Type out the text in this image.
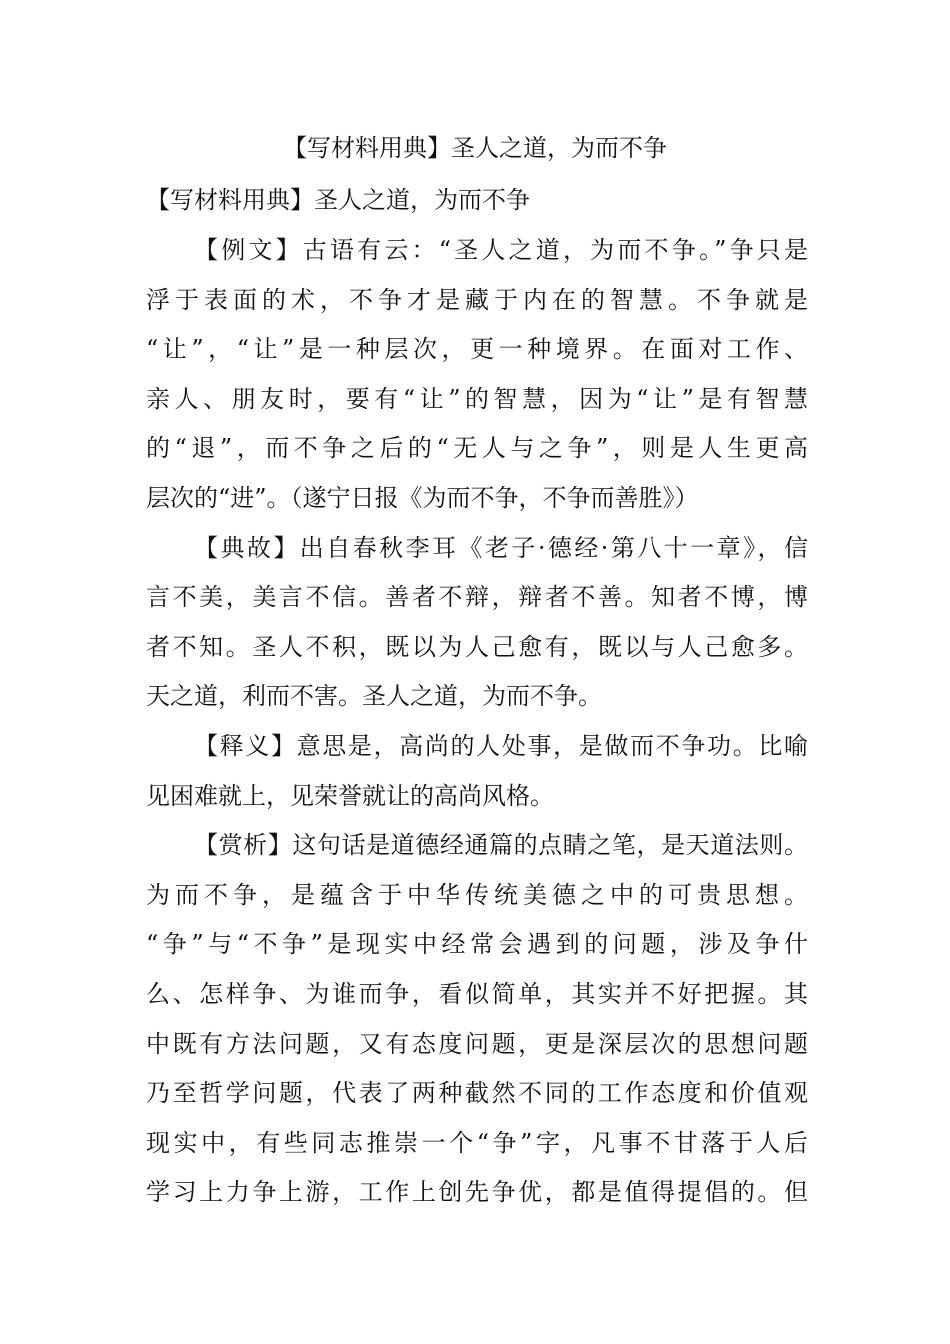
【写材料用典】圣人之道，为而不争
【写材料用典】圣人之道，为而不争
【例文】古语有云：“圣人之道，为而不争。”争只是
浮于表面的术，不争才是藏于内在的智慧。不争就是
“让”，“让”是一种层次，更一种境界。在面对工作、
亲人、朋友时，要有“让”的智慧，因为“让”是有智慧
的“退”，而不争之后的“无人与之争”，则是人生更高
层次的“进”。（遂宁日报《为而不争，不争而善胜》）
【典故】出自春秋李耳《老子·德经·第八十一章》，信
言不美，美言不信。善者不辩，辩者不善。知者不博，博
者不知。圣人不积，既以为人己愈有，既以与人己愈多。
天之道，利而不害。圣人之道，为而不争。
【释义】意思是，高尚的人处事，是做而不争功。比喻
见困难就上，见荣誉就让的高尚风格。
【赏析】这句话是道德经通篇的点睛之笔，是天道法则。
为而不争，是蕴含于中华传统美德之中的可贵思想。
“争”与“不争”是现实中经常会遇到的问题，涉及争什
么、怎样争、为谁而争，看似简单，其实并不好把握。其
中既有方法问题，又有态度问题，更是深层次的思想问题
乃至哲学问题，代表了两种截然不同的工作态度和价值观
现实中，有些同志推崇一个“争”字，凡事不甘落于人后
学习上力争上游，工作上创先争优，都是值得提倡的。但
